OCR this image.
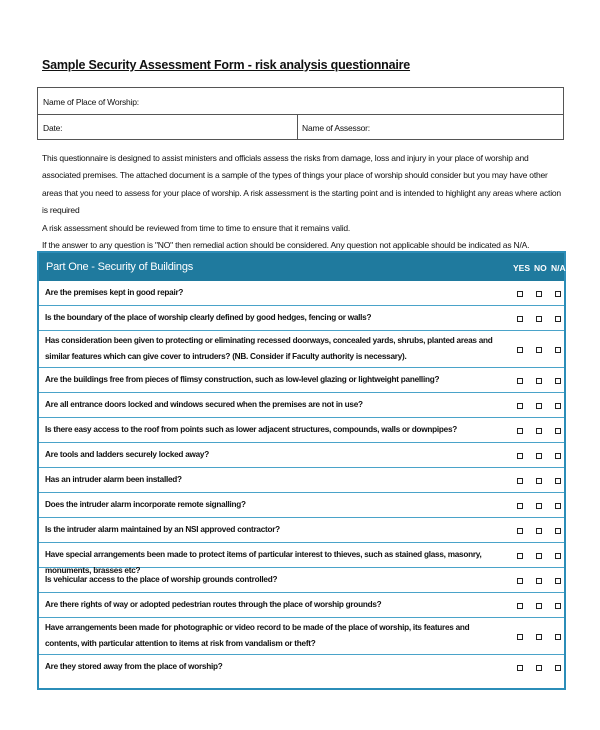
Sample Security Assessment Form - risk analysis questionnaire
Name of Place of Worship:
Date:	Name of Assessor:

This questionnaire is designed to assist ministers and officials assess the risks from damage, loss and injury in your place of worship and associated premises. The attached document is a sample of the types of things your place of worship should consider but you may have other areas that you need to assess for your place of worship. A risk assessment is the starting point and is intended to highlight any areas where action is required

A risk assessment should be reviewed from time to time to ensure that it remains valid.

If the answer to any question is "NO" then remedial action should be considered. Any question not applicable should be indicated as N/A.

Part One - Security of Buildings	YES NO N/A
Are the premises kept in good repair?
Is the boundary of the place of worship clearly defined by good hedges, fencing or walls?
Has consideration been given to protecting or eliminating recessed doorways, concealed yards, shrubs, planted areas and similar features which can give cover to intruders? (NB. Consider if Faculty authority is necessary).
Are the buildings free from pieces of flimsy construction, such as low-level glazing or lightweight panelling?
Are all entrance doors locked and windows secured when the premises are not in use?
Is there easy access to the roof from points such as lower adjacent structures, compounds, walls or downpipes?
Are tools and ladders securely locked away?
Has an intruder alarm been installed?
Does the intruder alarm incorporate remote signalling?
Is the intruder alarm maintained by an NSI approved contractor?
Have special arrangements been made to protect items of particular interest to thieves, such as stained glass, masonry, monuments, brasses etc?
Is vehicular access to the place of worship grounds controlled?
Are there rights of way or adopted pedestrian routes through the place of worship grounds?
Have arrangements been made for photographic or video record to be made of the place of worship, its features and contents, with particular attention to items at risk from vandalism or theft?
Are they stored away from the place of worship?
